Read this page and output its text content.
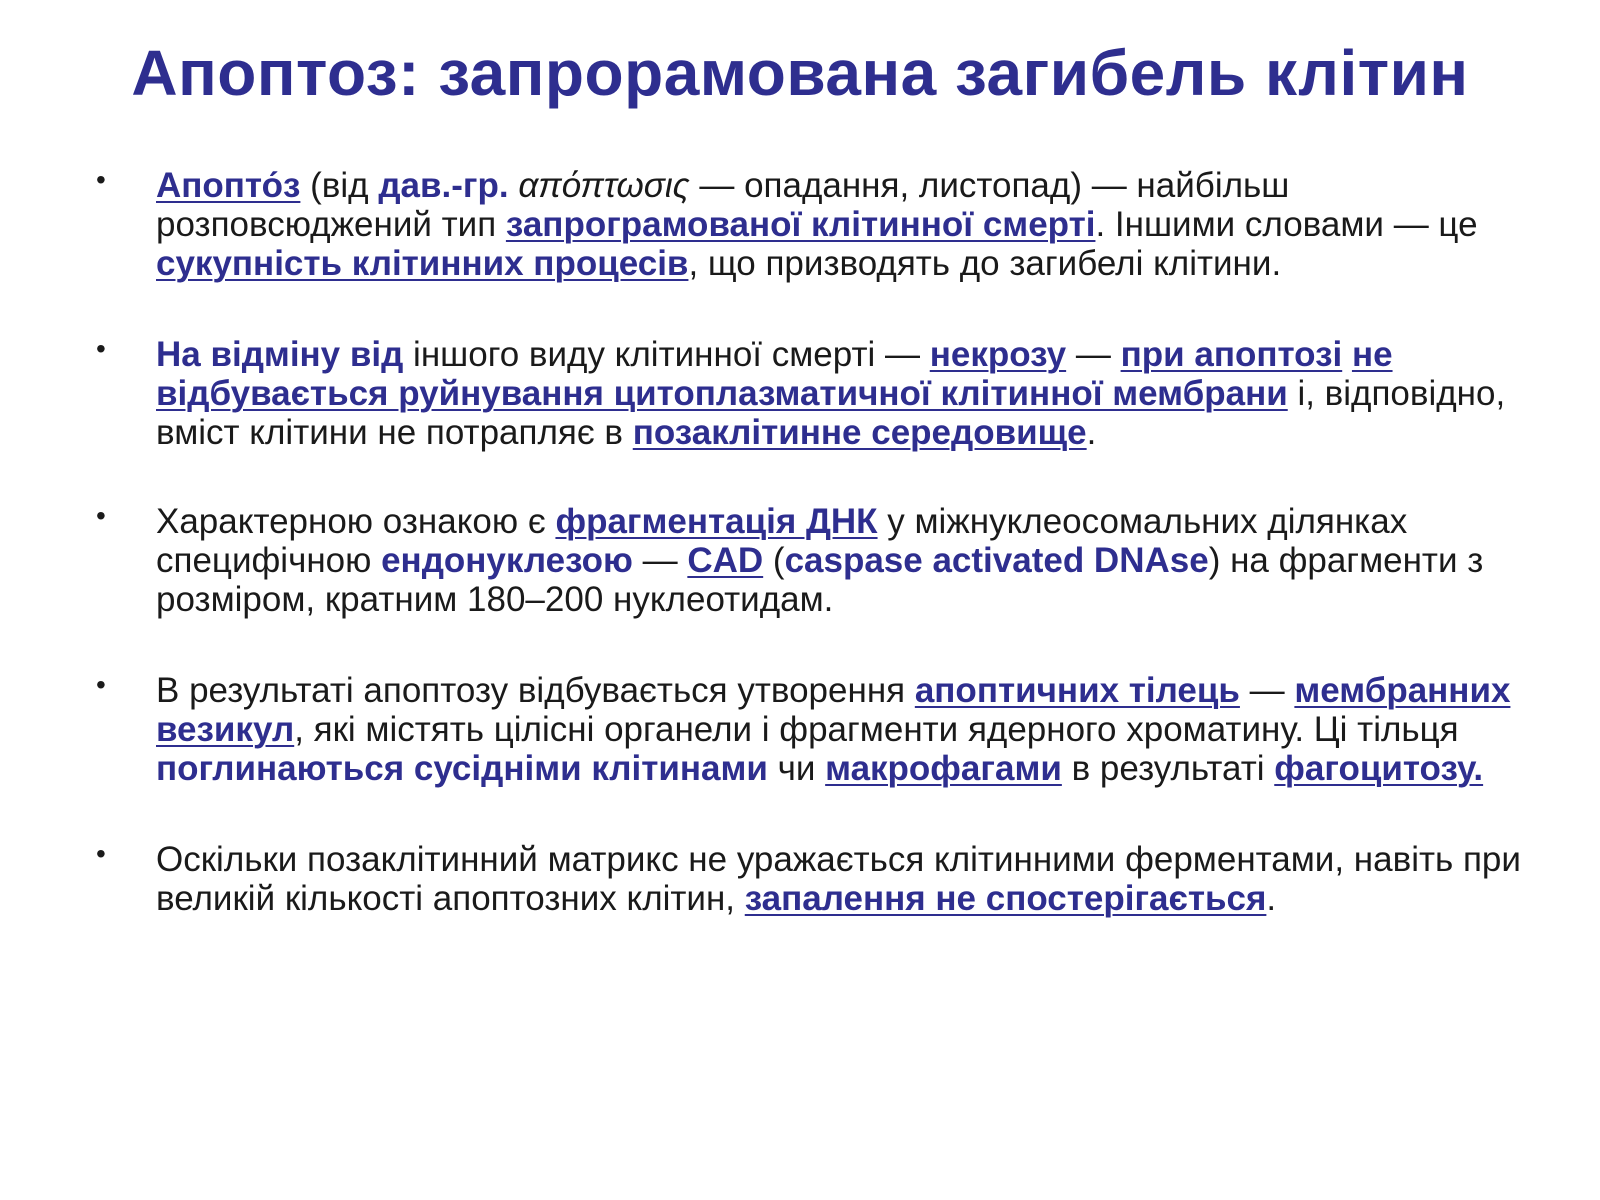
Апоптоз: запрорамована загибель клітин
• Апопто́з (від дав.-гр. απόπτωσις — опадання, листопад) — найбільш розповсюджений тип запрограмованої клітинної смерті. Іншими словами — це сукупність клітинних процесів, що призводять до загибелі клітини.
• На відміну від іншого виду клітинної смерті — некрозу — при апоптозі не відбувається руйнування цитоплазматичної клітинної мембрани і, відповідно, вміст клітини не потрапляє в позаклітинне середовище.
• Характерною ознакою є фрагментація ДНК у міжнуклеосомальних ділянках специфічною ендонуклезою — CAD (caspase activated DNAse) на фрагменти з розміром, кратним 180–200 нуклеотидам.
• В результаті апоптозу відбувається утворення апоптичних тілець — мембранних везикул, які містять цілісні органели і фрагменти ядерного хроматину. Ці тільця поглинаються сусідніми клітинами чи макрофагами в результаті фагоцитозу.
• Оскільки позаклітинний матрикс не уражається клітинними ферментами, навіть при великій кількості апоптозних клітин, запалення не спостерігається.
